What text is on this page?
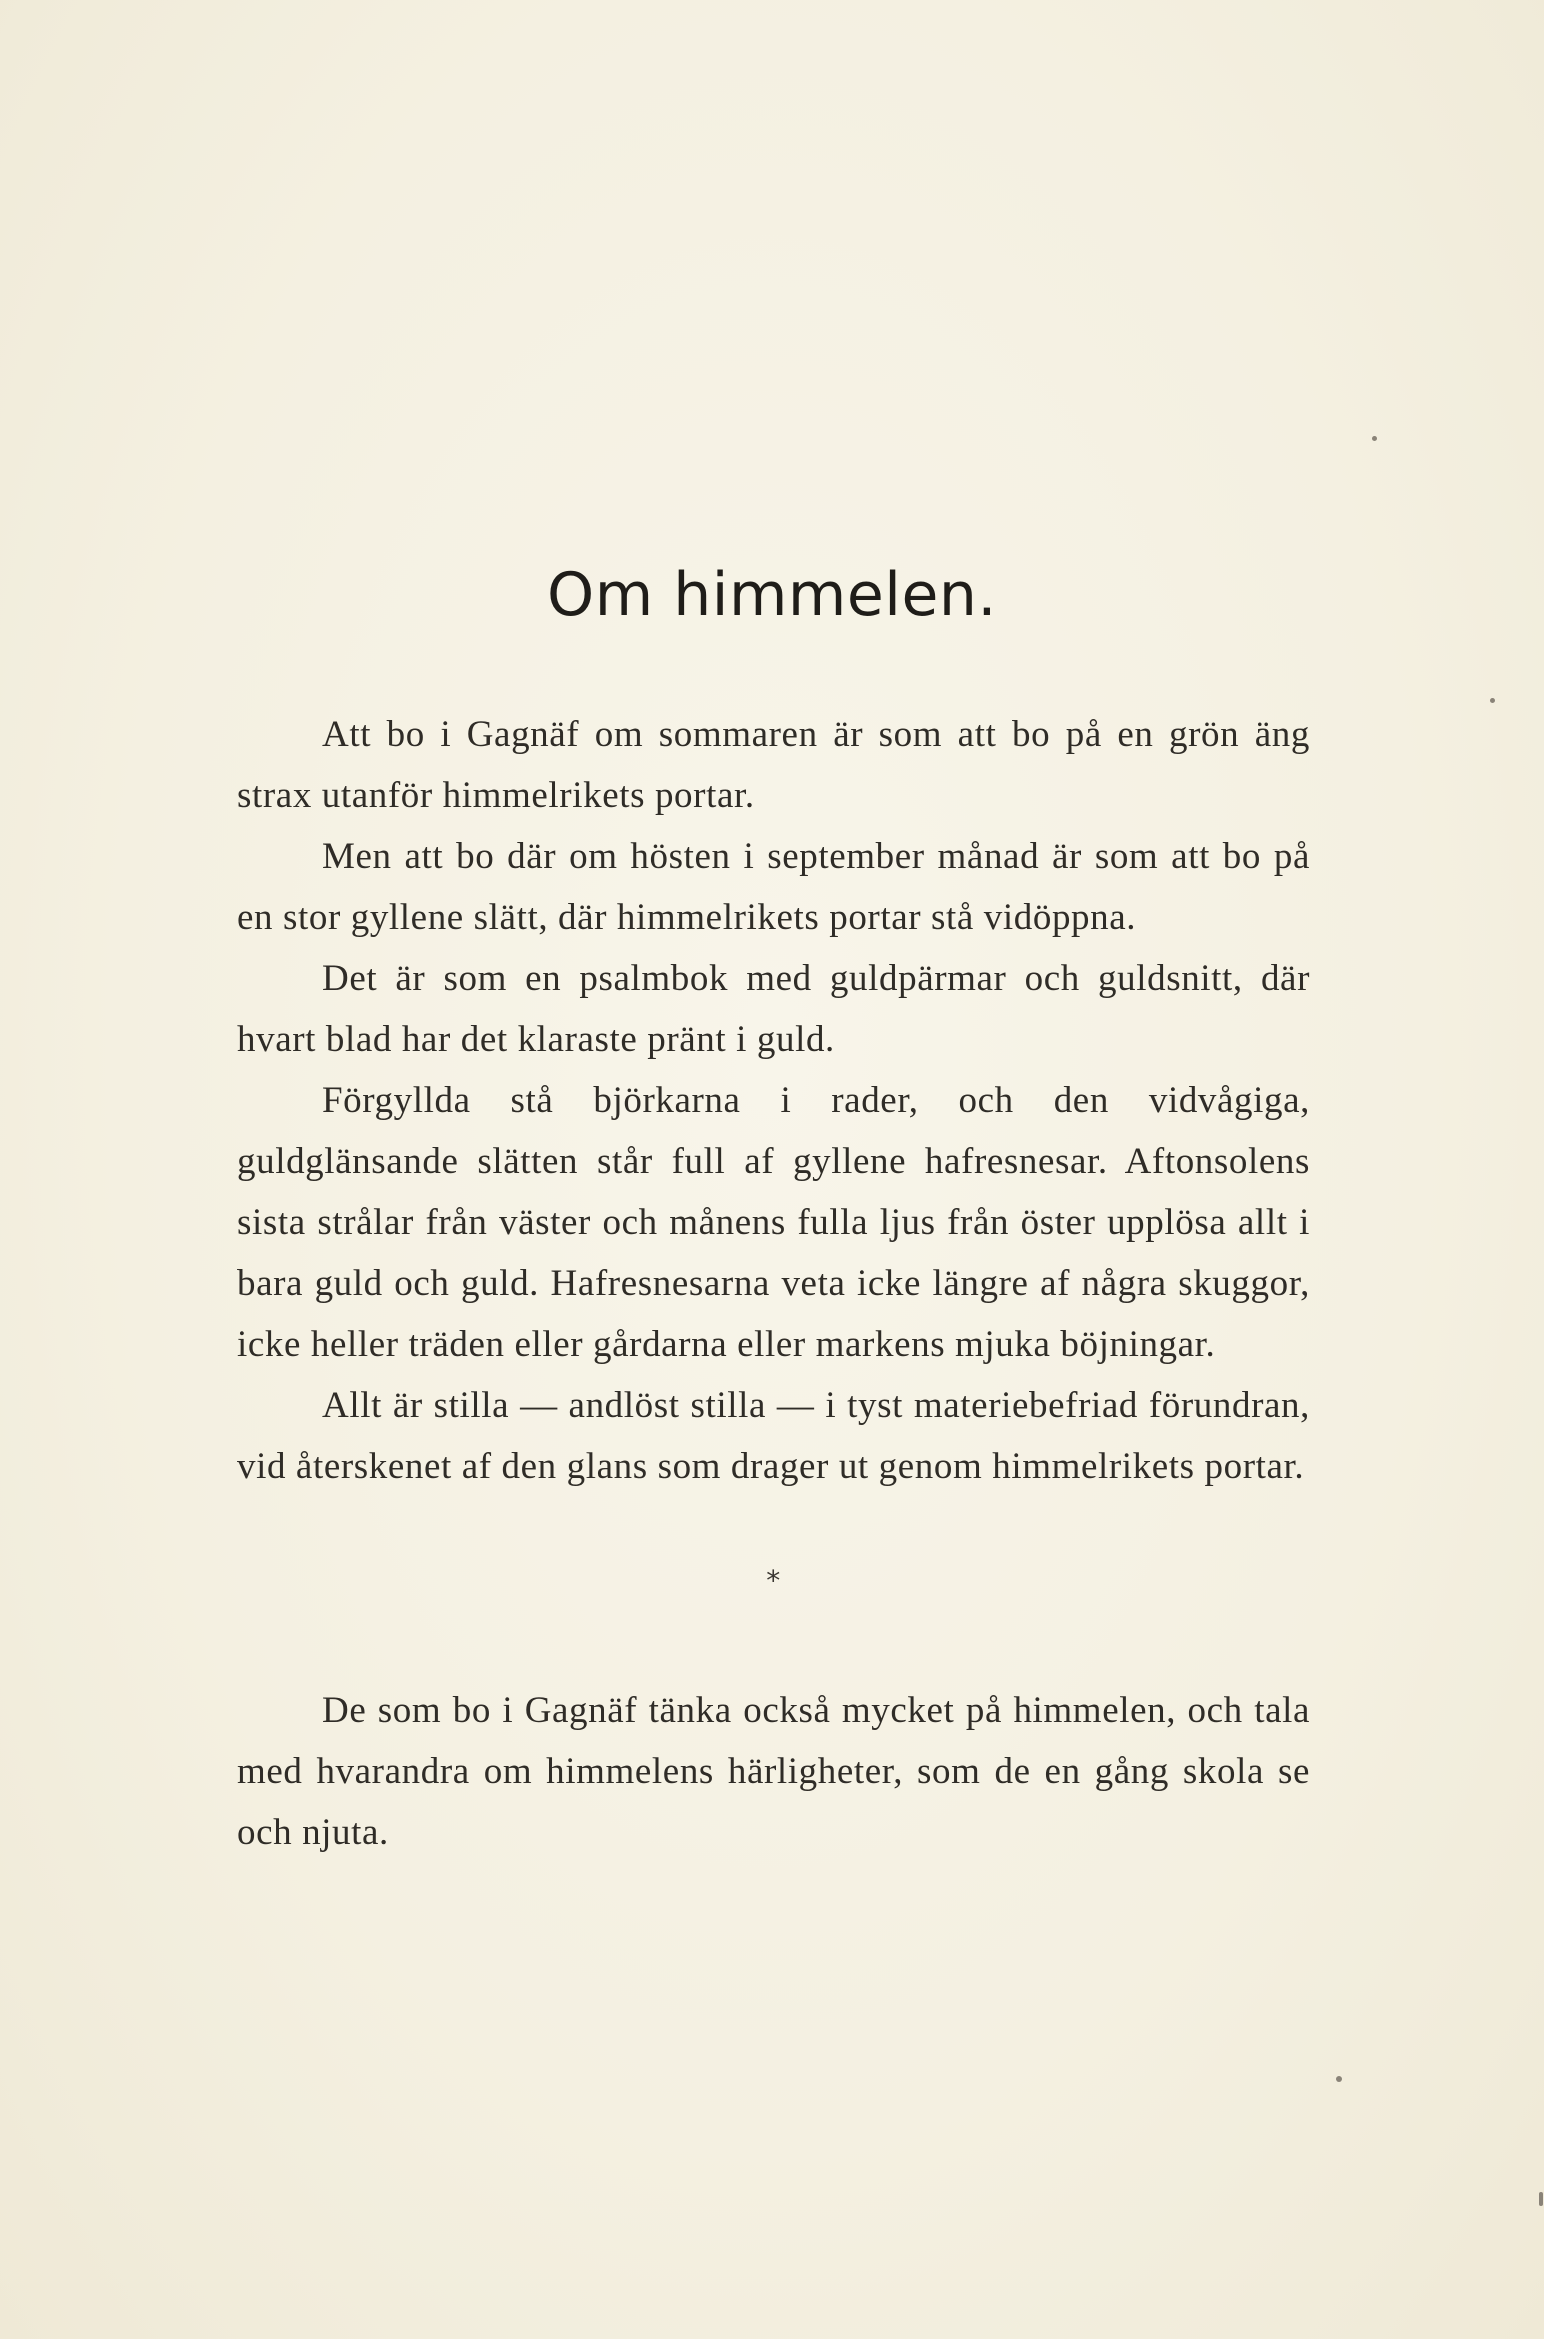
Om himmelen.

Att bo i Gagnäf om sommaren är som att bo på en grön äng strax utanför himmelrikets portar.

Men att bo där om hösten i september månad är som att bo på en stor gyllene slätt, där himmelrikets portar stå vidöppna.

Det är som en psalmbok med guldpärmar och guldsnitt, där hvart blad har det klaraste pränt i guld.

Förgyllda stå björkarna i rader, och den vidvågiga, guldglänsande slätten står full af gyllene hafresnesar. Aftonsolens sista strålar från väster och månens fulla ljus från öster upplösa allt i bara guld och guld. Hafresnesarna veta icke längre af några skuggor, icke heller träden eller gårdarna eller markens mjuka böjningar.

Allt är stilla — andlöst stilla — i tyst materiebefriad förundran, vid återskenet af den glans som drager ut genom himmelrikets portar.

*

De som bo i Gagnäf tänka också mycket på himmelen, och tala med hvarandra om himmelens härligheter, som de en gång skola se och njuta.
